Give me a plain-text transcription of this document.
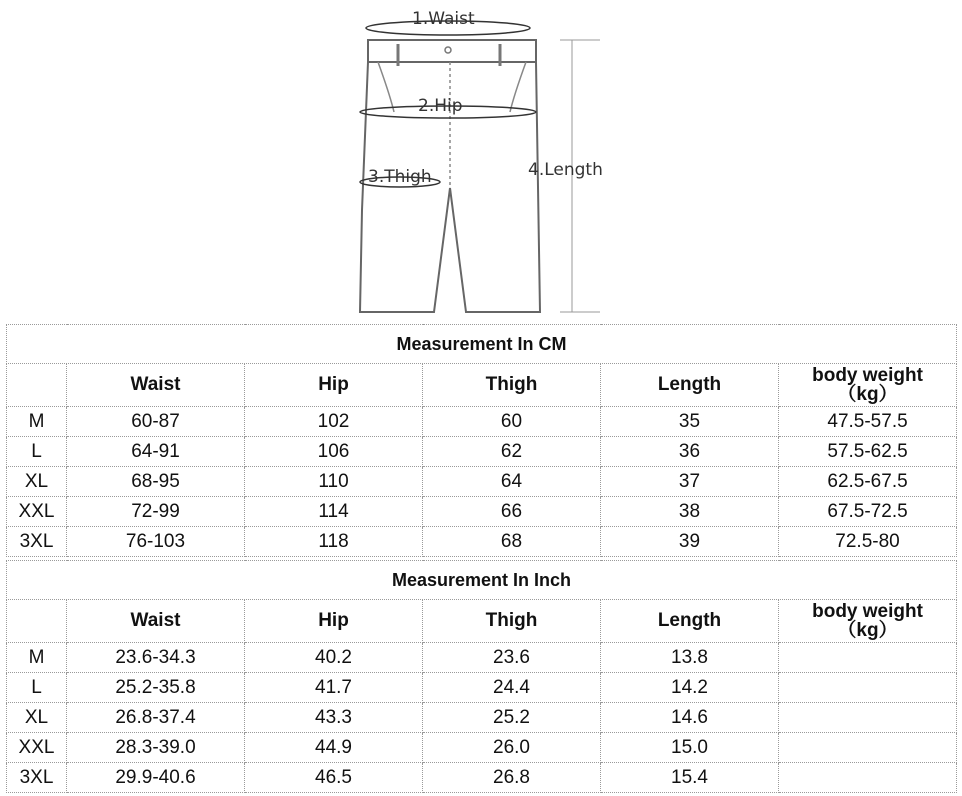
1.Waist
2.Hip
3.Thigh	4.Length
Measurement In CM					
	Waist	Hip	Thigh	Length	body weight
（kg）
M	60-87	102	60	35	47.5-57.5
L	64-91	106	62	36	57.5-62.5
XL	68-95	110	64	37	62.5-67.5
XXL	72-99	114	66	38	67.5-72.5
3XL	76-103	118	68	39	72.5-80
Measurement In Inch					
	Waist	Hip	Thigh	Length	body weight
（kg）
M	23.6-34.3	40.2	23.6	13.8	
L	25.2-35.8	41.7	24.4	14.2	
XL	26.8-37.4	43.3	25.2	14.6	
XXL	28.3-39.0	44.9	26.0	15.0	
3XL	29.9-40.6	46.5	26.8	15.4	
